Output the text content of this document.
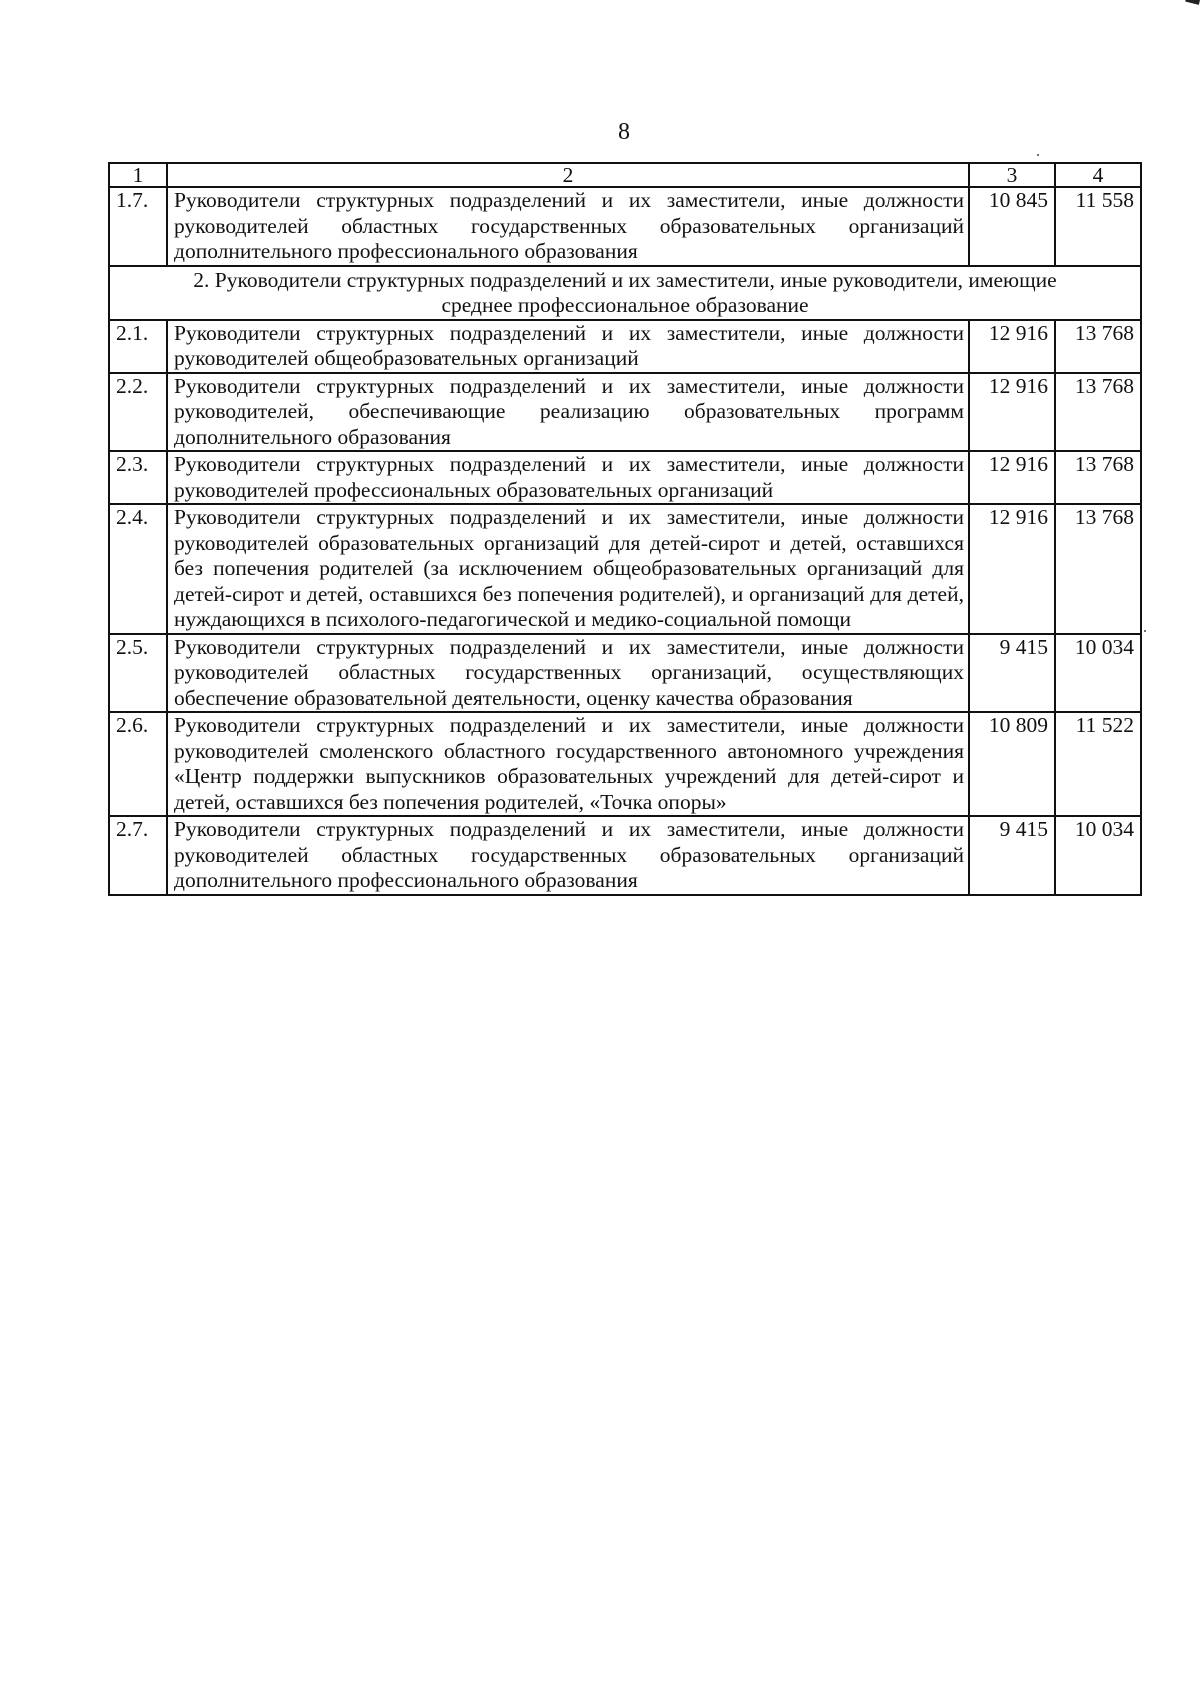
8
1	2	3	4
1.7.	Руководители структурных подразделений и их заместители, иные должности руководителей областных государственных образовательных организаций дополнительного профессионального образования	10 845	11 558
2. Руководители структурных подразделений и их заместители, иные руководители, имеющие среднее профессиональное образование			
2.1.	Руководители структурных подразделений и их заместители, иные должности руководителей общеобразовательных организаций	12 916	13 768
2.2.	Руководители структурных подразделений и их заместители, иные должности руководителей, обеспечивающие реализацию образовательных программ дополнительного образования	12 916	13 768
2.3.	Руководители структурных подразделений и их заместители, иные должности руководителей профессиональных образовательных организаций	12 916	13 768
2.4.	Руководители структурных подразделений и их заместители, иные должности руководителей образовательных организаций для детей-сирот и детей, оставшихся без попечения родителей (за исключением общеобразовательных организаций для детей-сирот и детей, оставшихся без попечения родителей), и организаций для детей, нуждающихся в психолого-педагогической и медико-социальной помощи	12 916	13 768
2.5.	Руководители структурных подразделений и их заместители, иные должности руководителей областных государственных организаций, осуществляющих обеспечение образовательной деятельности, оценку качества образования	9 415	10 034
2.6.	Руководители структурных подразделений и их заместители, иные должности руководителей смоленского областного государственного автономного учреждения «Центр поддержки выпускников образовательных учреждений для детей-сирот и детей, оставшихся без попечения родителей, «Точка опоры»	10 809	11 522
2.7.	Руководители структурных подразделений и их заместители, иные должности руководителей областных государственных образовательных организаций дополнительного профессионального образования	9 415	10 034
